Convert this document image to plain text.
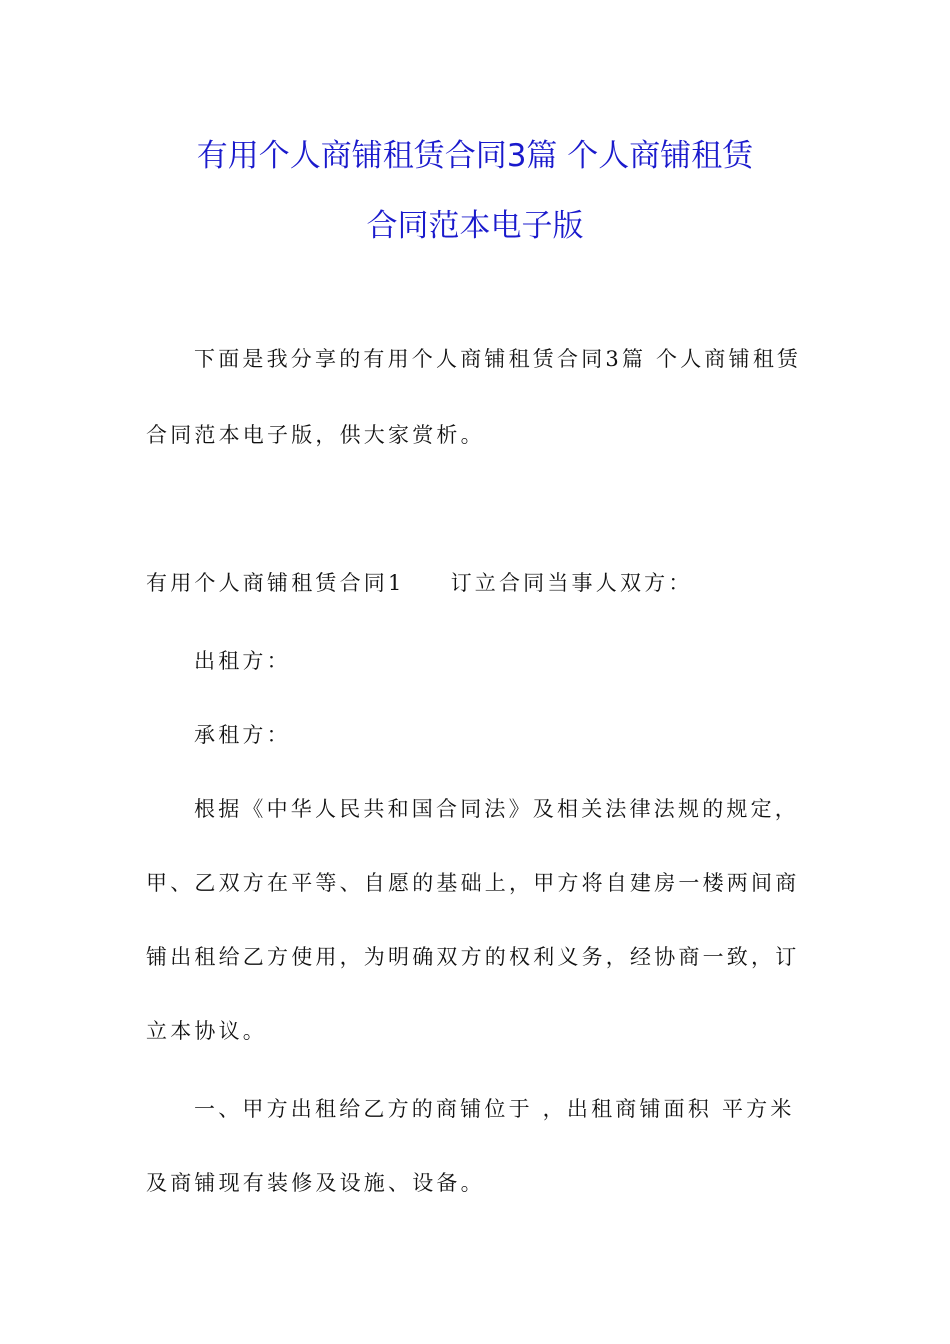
有用个人商铺租赁合同3篇 个人商铺租赁
合同范本电子版
下面是我分享的有用个人商铺租赁合同3篇 个人商铺租赁
合同范本电子版，供大家赏析。
有用个人商铺租赁合同1 订立合同当事人双方：
出租方：
承租方：
根据《中华人民共和国合同法》及相关法律法规的规定，
甲、乙双方在平等、自愿的基础上，甲方将自建房一楼两间商
铺出租给乙方使用，为明确双方的权利义务，经协商一致，订
立本协议。
一、甲方出租给乙方的商铺位于 ，出租商铺面积 平方米
及商铺现有装修及设施、设备。
